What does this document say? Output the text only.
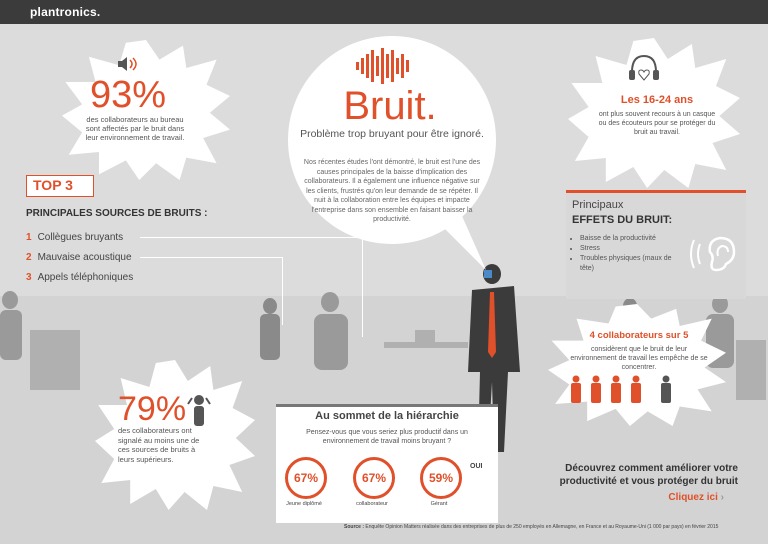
plantronics.
93%
des collaborateurs au bureau sont affectés par le bruit dans leur environnement de travail.
Bruit.
Problème trop bruyant pour être ignoré.
Nos récentes études l'ont démontré, le bruit est l'une des causes principales de la baisse d'implication des collaborateurs. Il a également une influence négative sur les clients, frustrés qu'on leur demande de se répéter. Il nuit à la collaboration entre les équipes et impacte l'entreprise dans son ensemble en faisant baisser la productivité.
Les 16-24 ans
ont plus souvent recours à un casque ou des écouteurs pour se protéger du bruit au travail.
TOP 3
PRINCIPALES SOURCES DE BRUITS :
1 Collègues bruyants
2 Mauvaise acoustique
3 Appels téléphoniques
Principaux
EFFETS DU BRUIT:
• Baisse de la productivité
• Stress
• Troubles physiques (maux de tête)
4 collaborateurs sur 5
considèrent que le bruit de leur environnement de travail les empêche de se concentrer.
79%
des collaborateurs ont signalé au moins une de ces sources de bruits à leurs supérieurs.
Au sommet de la hiérarchie
Pensez-vous que vous seriez plus productif dans un environnement de travail moins bruyant ?
67%	67%	59%
Jeune diplômé	collaborateur	Gérant
OUI	Découvrez comment améliorer votre productivité et vous protéger du bruit
Cliquez ici ›
Source : Enquête Opinion Matters réalisée dans des entreprises de plus de 250 employés en Allemagne, en France et au Royaume-Uni (1 000 par pays) en février 2015
